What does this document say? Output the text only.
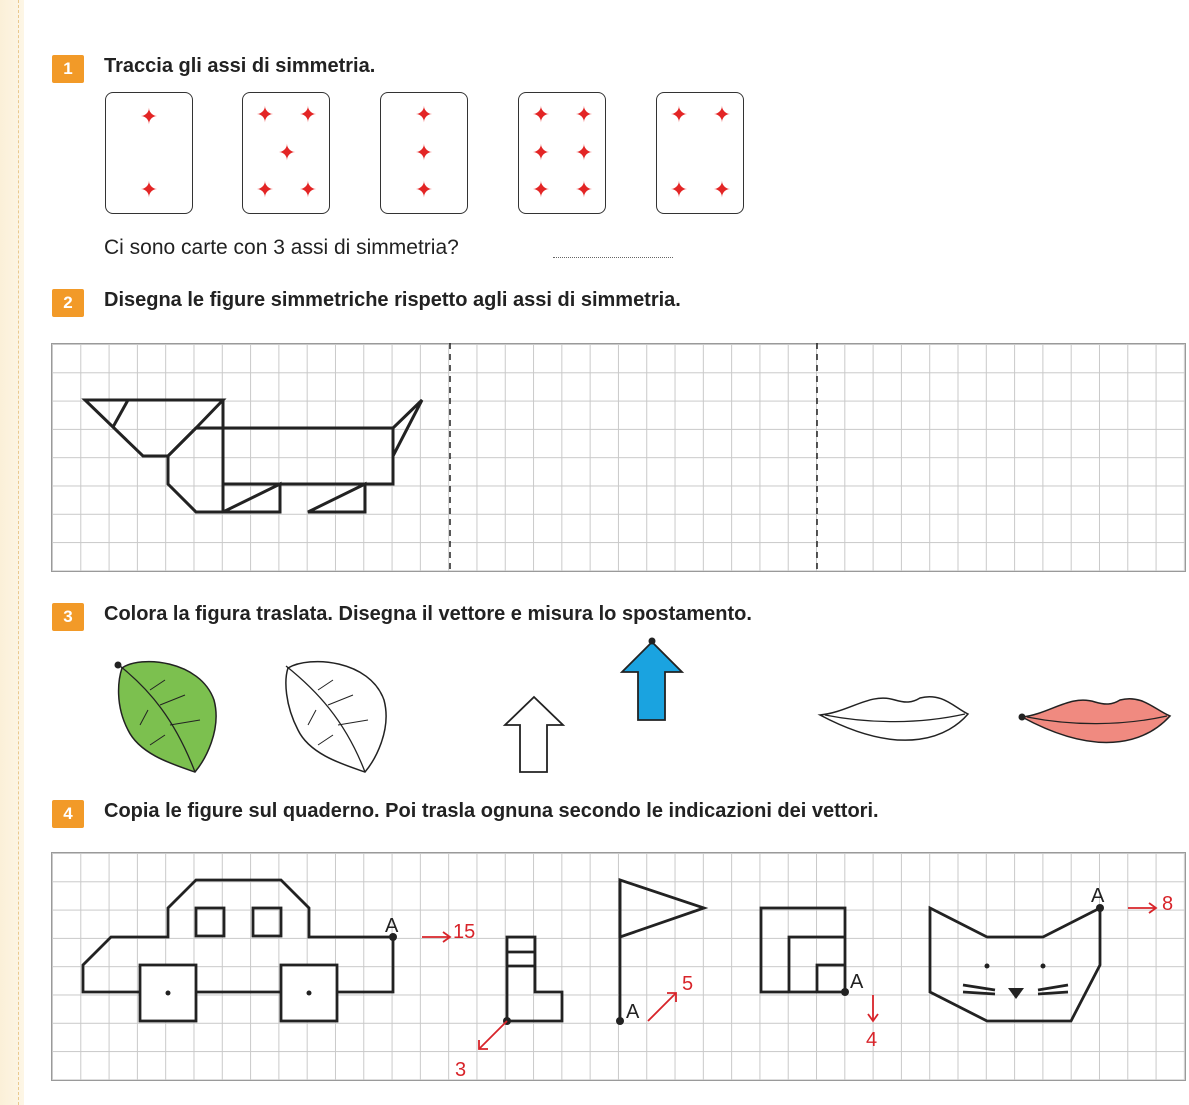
1	Traccia gli assi di simmetria.
✦
✦
✦ ✦
✦
✦ ✦
✦
✦
✦
✦ ✦
✦ ✦
✦ ✦
✦ ✦
✦ ✦
Ci sono carte con 3 assi di simmetria?
2	Disegna le figure simmetriche rispetto agli assi di simmetria.
3	Colora la figura traslata. Disegna il vettore e misura lo spostamento.
4	Copia le figure sul quaderno. Poi trasla ognuna secondo le indicazioni dei vettori.
A
A
A
A
15
3
5
4
8
